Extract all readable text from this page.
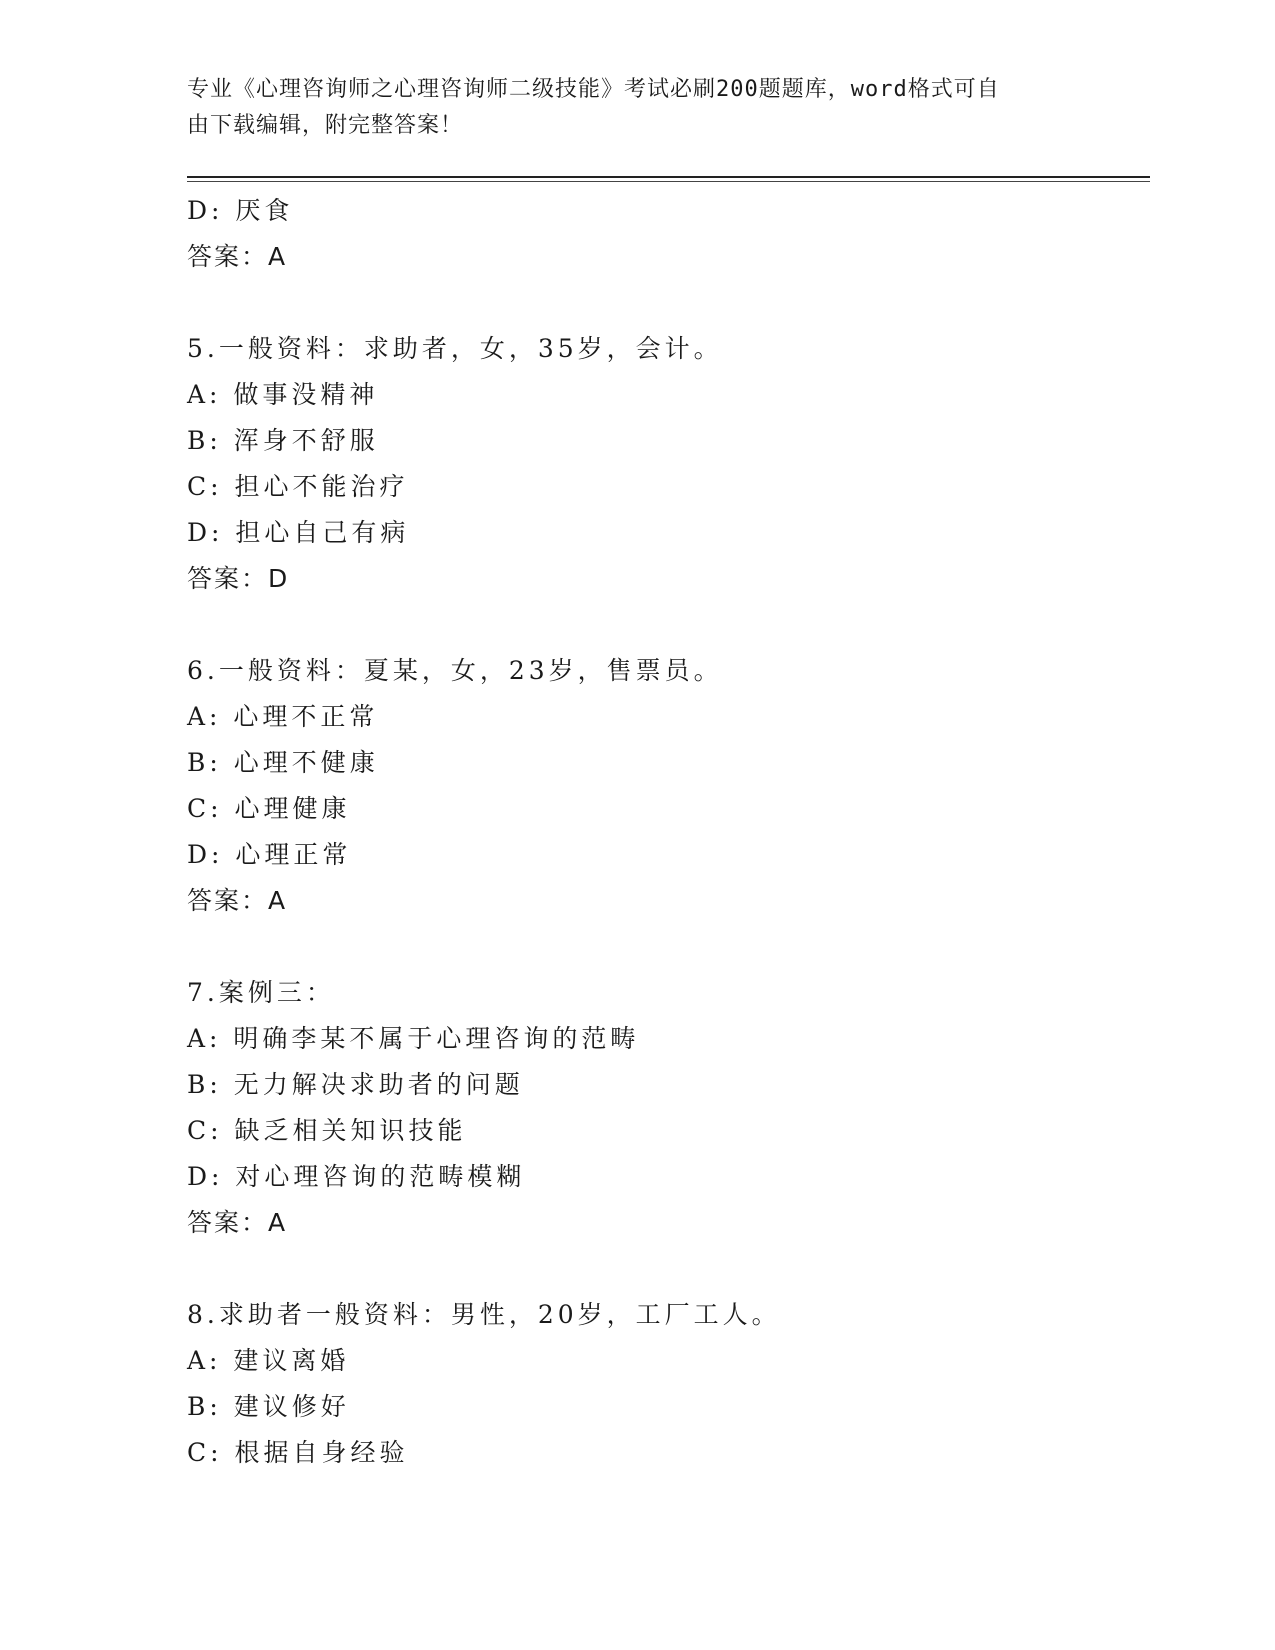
专业《心理咨询师之心理咨询师二级技能》考试必刷200题题库，word格式可自
由下载编辑，附完整答案！
D: 厌食
答案：A
5.一般资料：求助者，女，35岁，会计。
A: 做事没精神
B: 浑身不舒服
C: 担心不能治疗
D: 担心自己有病
答案：D
6.一般资料：夏某，女，23岁，售票员。
A: 心理不正常
B: 心理不健康
C: 心理健康
D: 心理正常
答案：A
7.案例三：
A: 明确李某不属于心理咨询的范畴
B: 无力解决求助者的问题
C: 缺乏相关知识技能
D: 对心理咨询的范畴模糊
答案：A
8.求助者一般资料：男性，20岁，工厂工人。
A: 建议离婚
B: 建议修好
C: 根据自身经验
